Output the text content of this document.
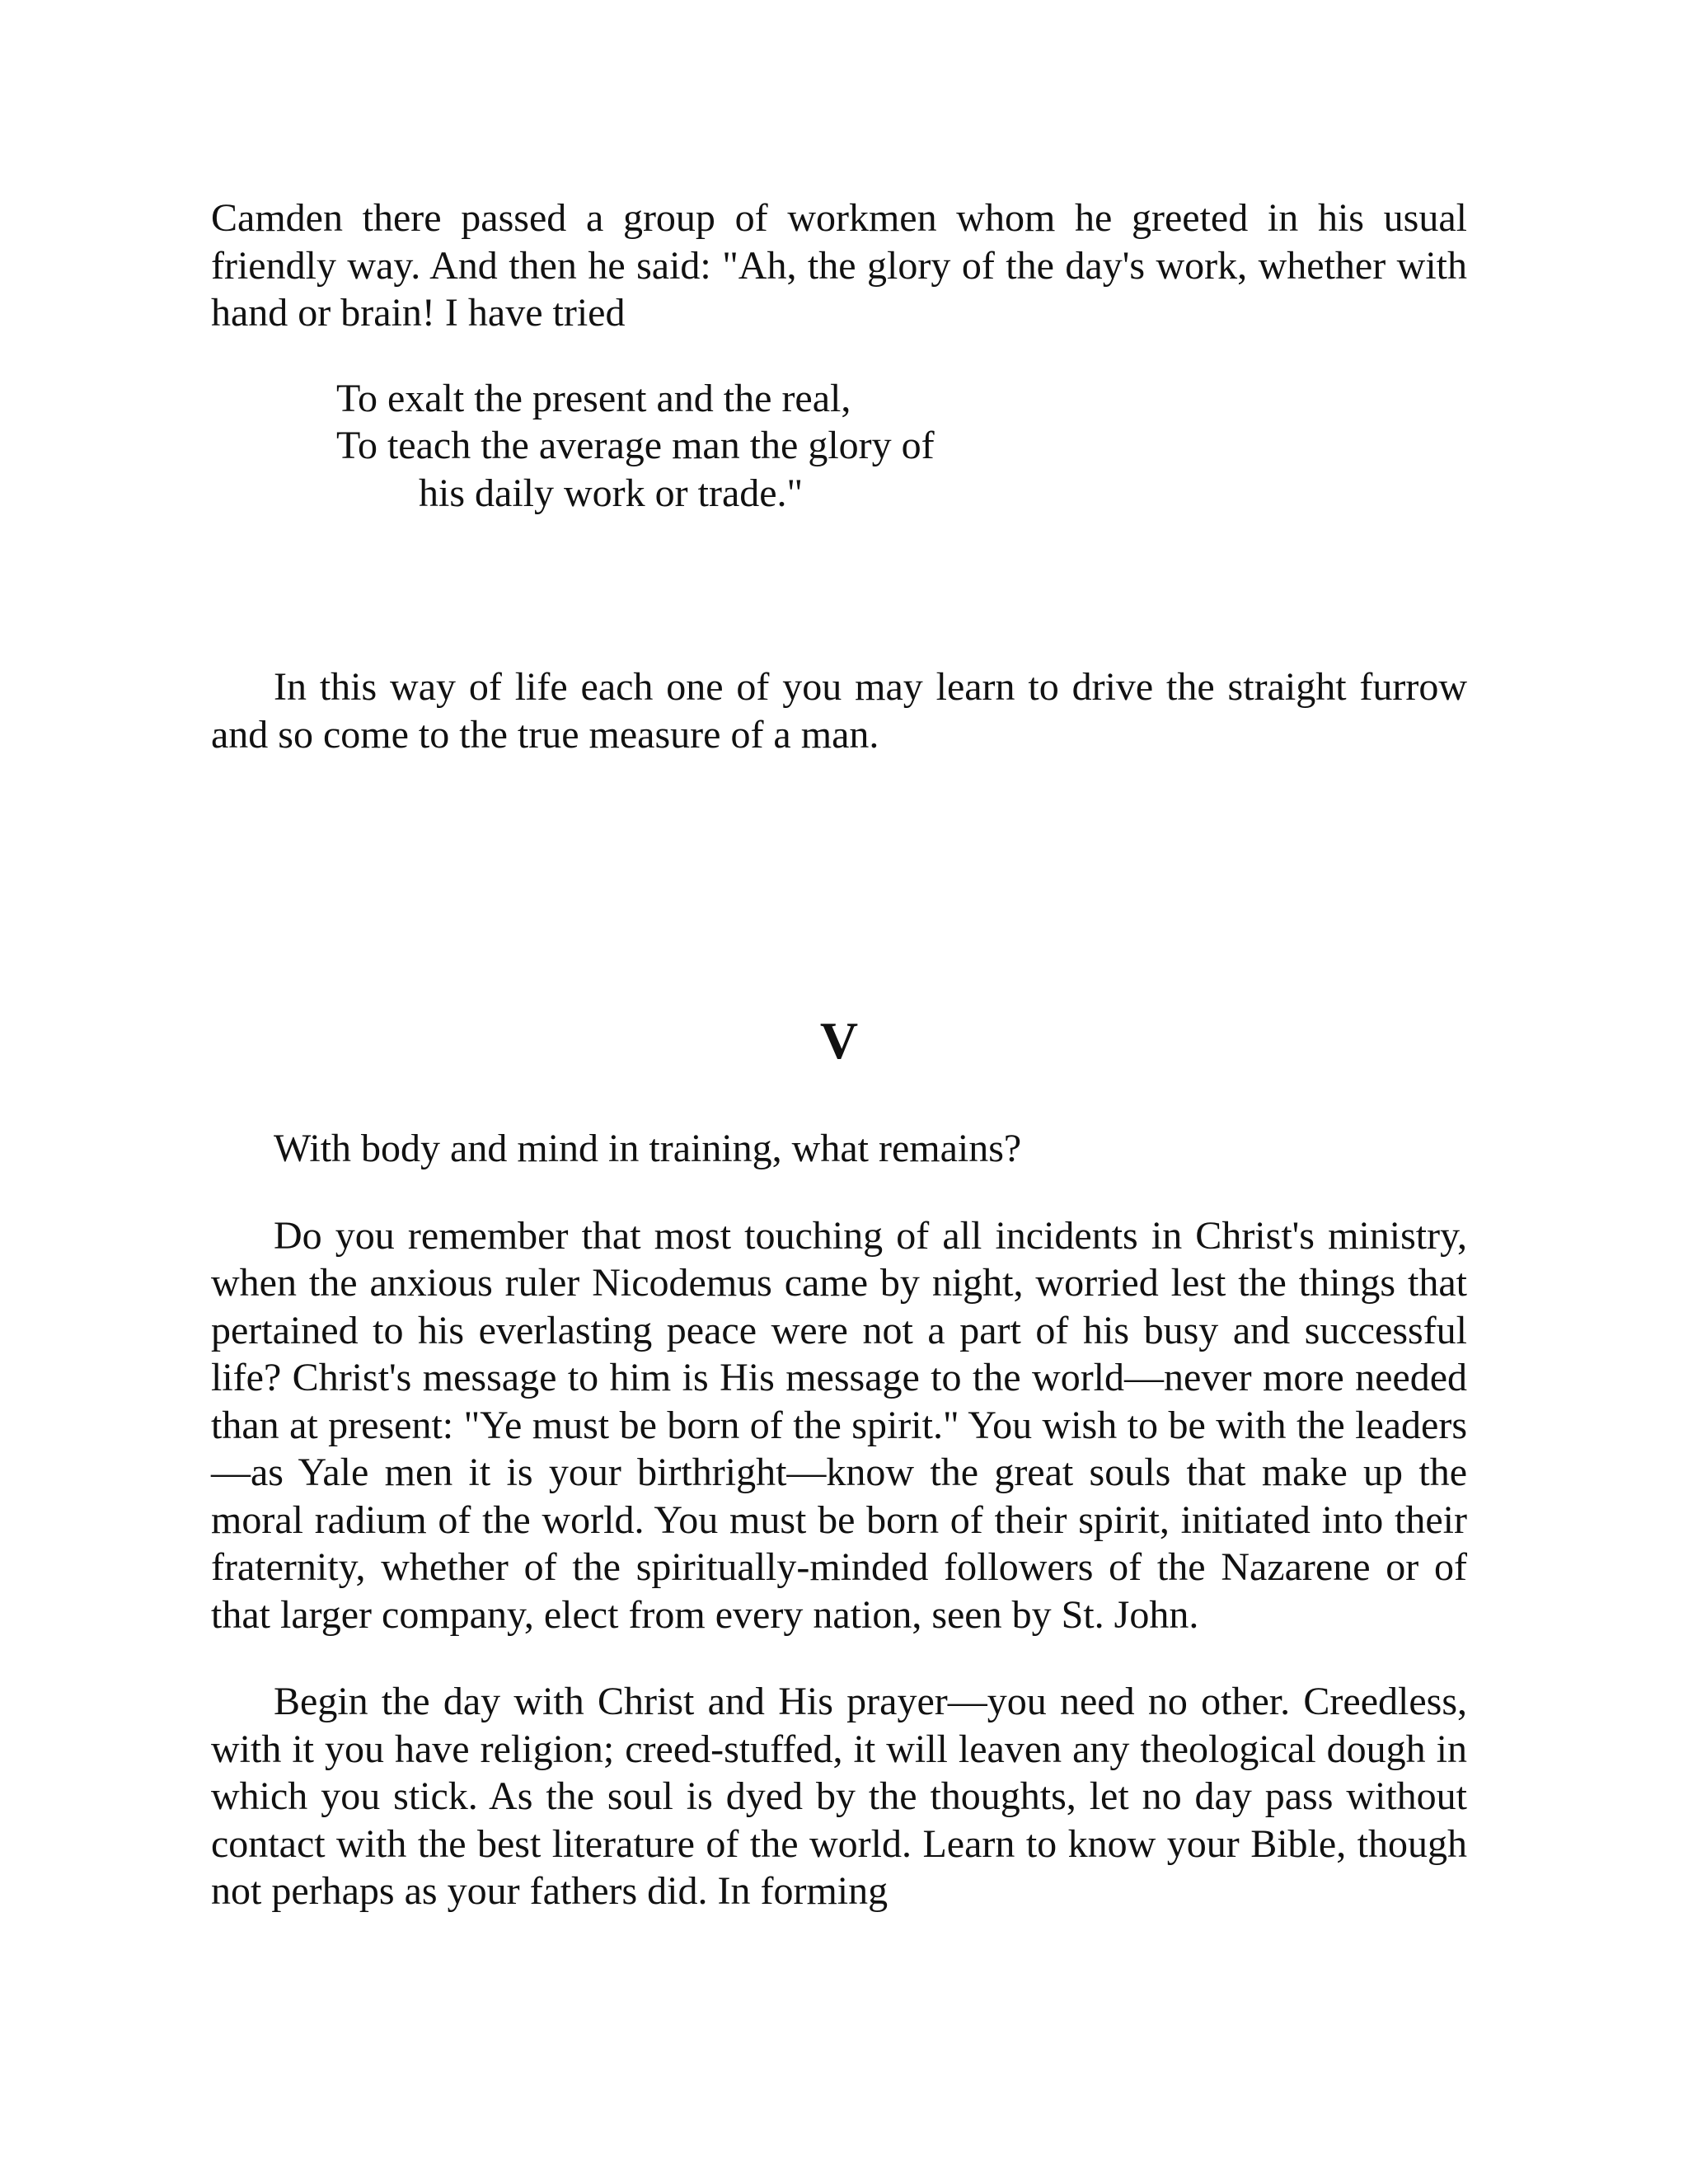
Camden there passed a group of workmen whom he greeted in his usual friendly way. And then he said: "Ah, the glory of the day's work, whether with hand or brain! I have tried

To exalt the present and the real,
To teach the average man the glory of
his daily work or trade."

In this way of life each one of you may learn to drive the straight furrow and so come to the true measure of a man.

V

With body and mind in training, what remains?

Do you remember that most touching of all incidents in Christ's ministry, when the anxious ruler Nicodemus came by night, worried lest the things that pertained to his everlasting peace were not a part of his busy and successful life? Christ's message to him is His message to the world—never more needed than at present: "Ye must be born of the spirit." You wish to be with the leaders—as Yale men it is your birthright—know the great souls that make up the moral radium of the world. You must be born of their spirit, initiated into their fraternity, whether of the spiritually-minded followers of the Nazarene or of that larger company, elect from every nation, seen by St. John.

Begin the day with Christ and His prayer—you need no other. Creedless, with it you have religion; creed-stuffed, it will leaven any theological dough in which you stick. As the soul is dyed by the thoughts, let no day pass without contact with the best literature of the world. Learn to know your Bible, though not perhaps as your fathers did. In forming
